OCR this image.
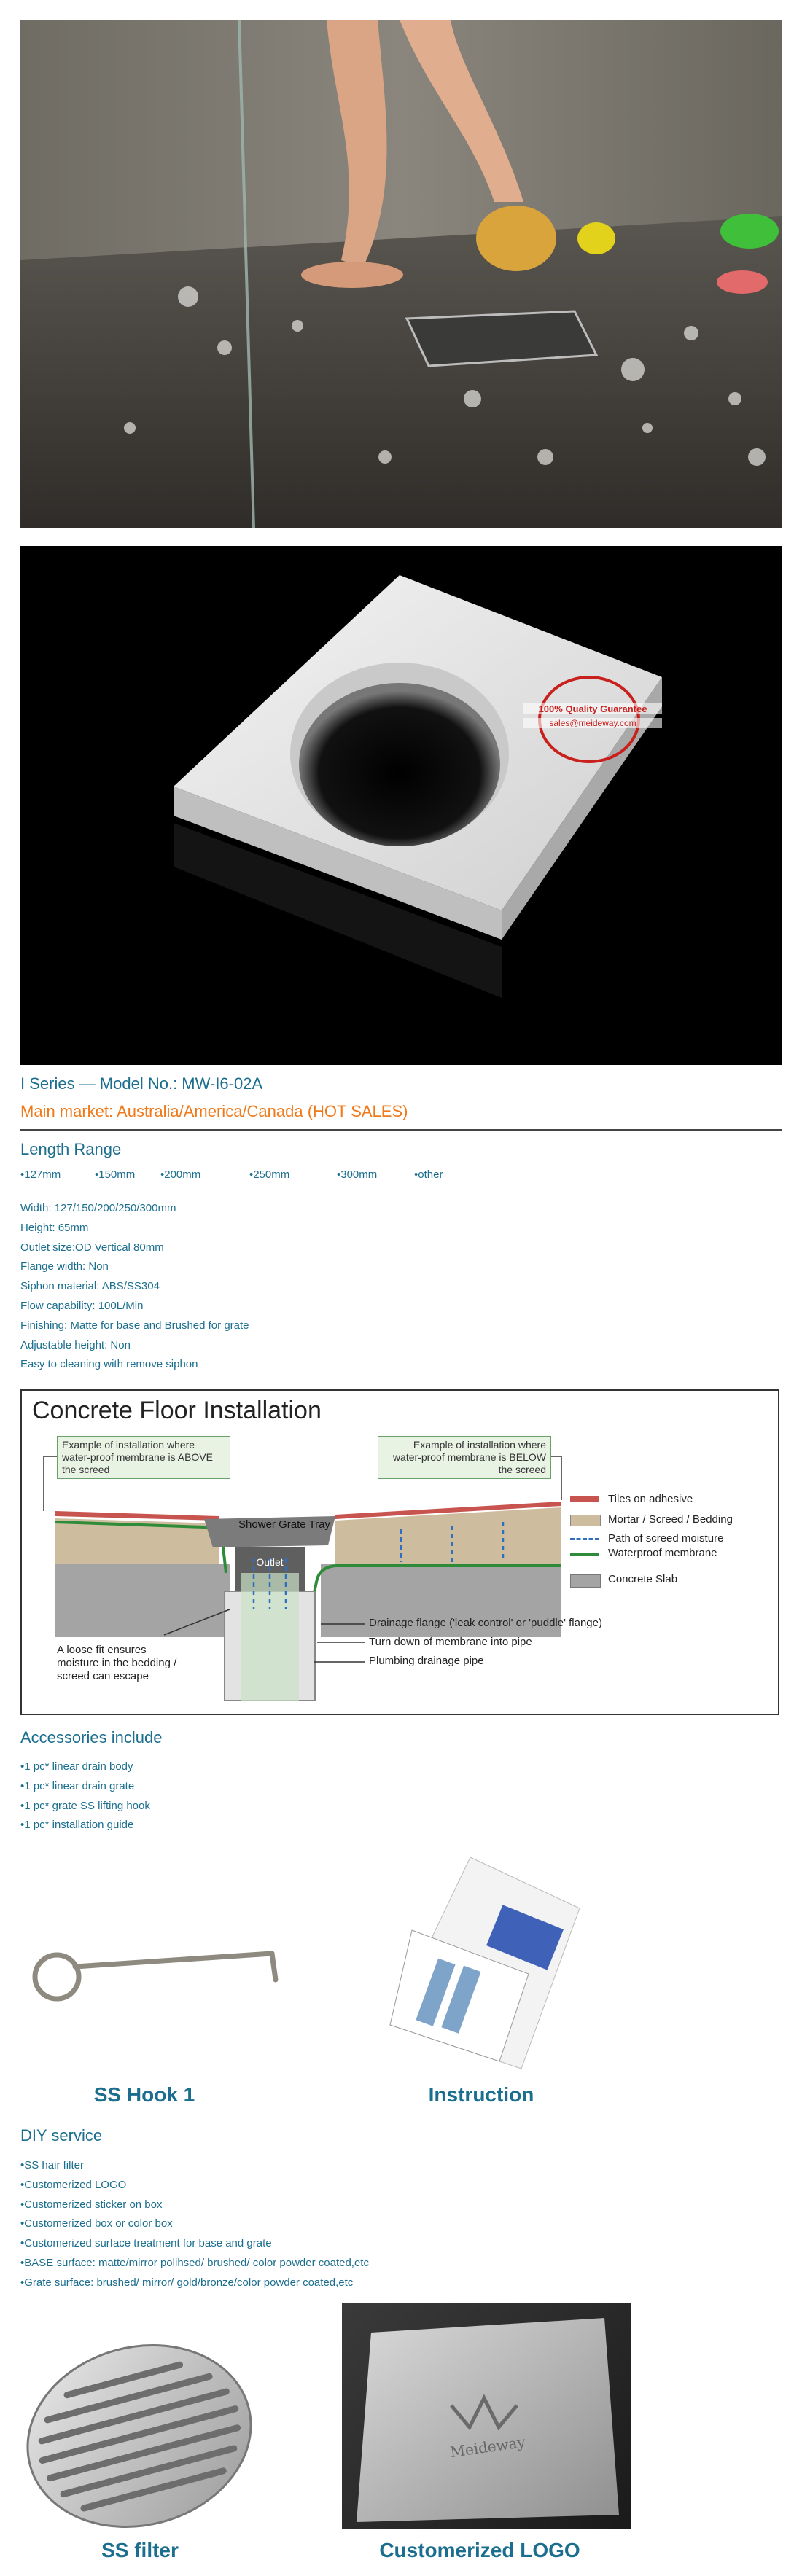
100% Quality Guarantee
sales@meideway.com
I Series — Model No.: MW-I6-02A
Main market: Australia/America/Canada (HOT SALES)
Length Range
•127mm	•150mm •200mm	•250mm	•300mm	•other
Width: 127/150/200/250/300mm
Height: 65mm
Outlet size:OD Vertical 80mm
Flange width: Non
Siphon material: ABS/SS304
Flow capability: 100L/Min
Finishing: Matte for base and Brushed for grate
Adjustable height: Non
Easy to cleaning with remove siphon
Concrete Floor Installation
Example of installation where water-proof membrane is ABOVE the screed
Example of installation where water-proof membrane is BELOW the screed
Shower Grate Tray
Outlet
A loose fit ensures moisture in the bedding / screed can escape
Drainage flange ('leak control' or 'puddle' flange)
Turn down of membrane into pipe
Plumbing drainage pipe
Tiles on adhesive
Mortar / Screed / Bedding
Path of screed moisture
Waterproof membrane
Concrete Slab
Accessories include
•1 pc* linear drain body
•1 pc* linear drain grate
•1 pc* grate SS lifting hook
•1 pc* installation guide
SS Hook 1	Instruction
DIY service
•SS hair filter
•Customerized LOGO
•Customerized sticker on box
•Customerized box or color box
•Customerized surface treatment for base and grate
•BASE surface: matte/mirror polihsed/ brushed/ color powder coated,etc
•Grate surface: brushed/ mirror/ gold/bronze/color powder coated,etc
SS filter
Meideway
Customerized LOGO
